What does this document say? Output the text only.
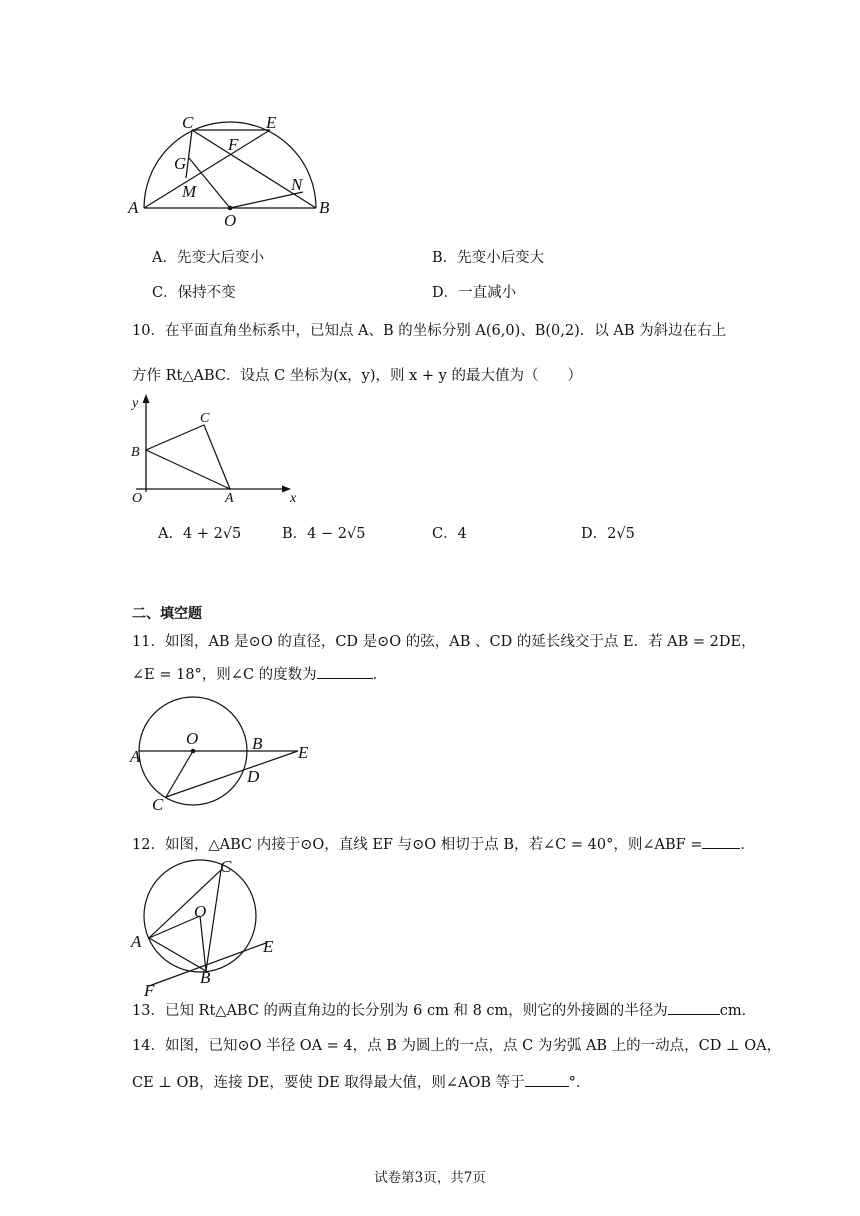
C	E
F
G
M	N
A	B
O
A．先变大后变小	B．先变小后变大
C．保持不变	D．一直减小
10．在平面直角坐标系中，已知点 A、B 的坐标分别 A(6,0)、B(0,2)．以 AB 为斜边在右上
方作 Rt△ABC．设点 C 坐标为(x，y)，则 x + y 的最大值为（　　）
y
x
O	A
B
C
A．4 + 2√5	B．4 − 2√5	C．4	D．2√5
二、填空题
11．如图，AB 是⊙O 的直径，CD 是⊙O 的弦，AB 、CD 的延长线交于点 E．若 AB = 2DE，
∠E = 18°，则∠C 的度数为	．
A
O	B E
D
C
12．如图，△ABC 内接于⊙O，直线 EF 与⊙O 相切于点 B，若∠C = 40°，则∠ABF =	．
C
O
A
B
E
F
13．已知 Rt△ABC 的两直角边的长分别为 6 cm 和 8 cm，则它的外接圆的半径为	cm．
14．如图，已知⊙O 半径 OA = 4，点 B 为圆上的一点，点 C 为劣弧 AB 上的一动点，CD ⊥ OA，
CE ⊥ OB，连接 DE，要使 DE 取得最大值，则∠AOB 等于	°．
试卷第3页，共7页
